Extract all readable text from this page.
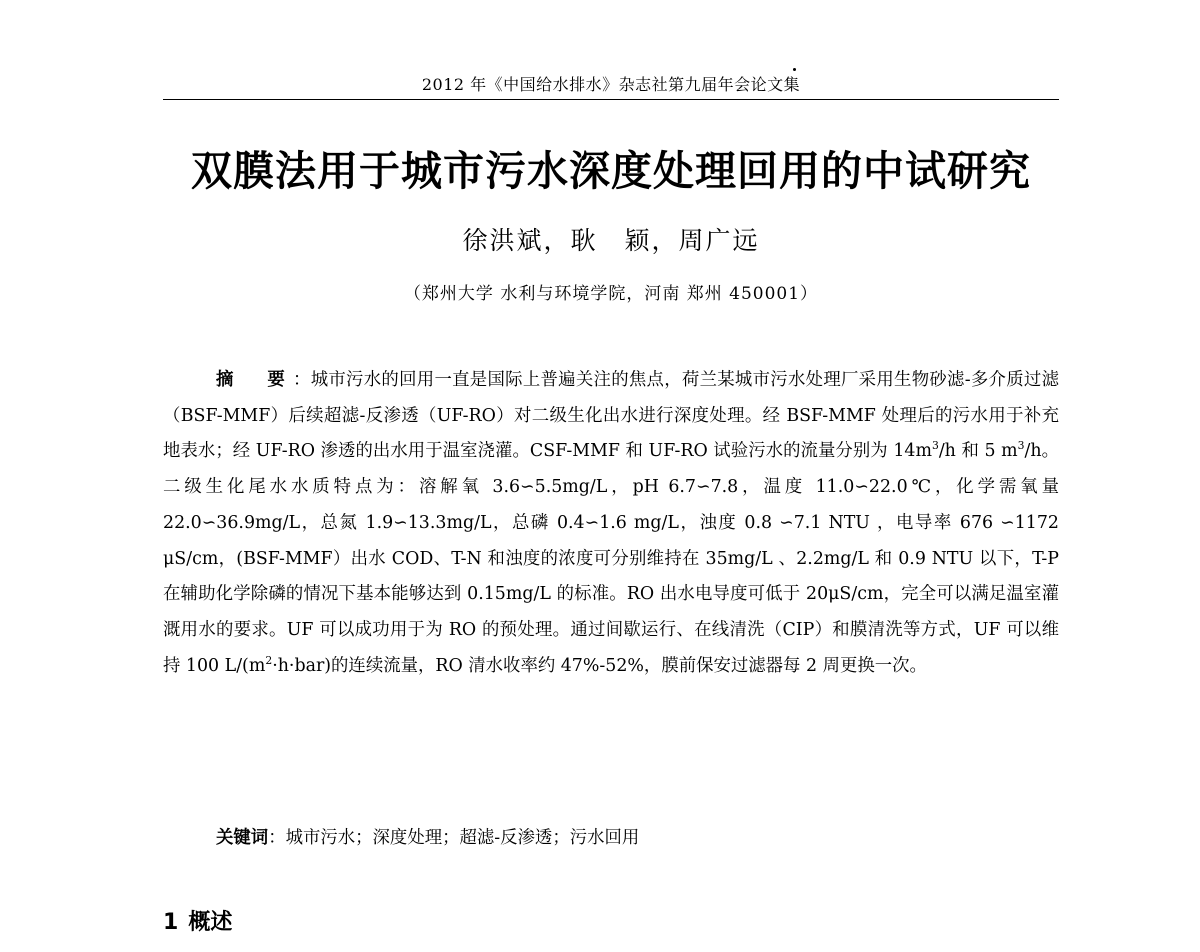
2012 年《中国给水排水》杂志社第九届年会论文集
双膜法用于城市污水深度处理回用的中试研究
徐洪斌，耿　颖，周广远
（郑州大学 水利与环境学院，河南 郑州 450001）

摘　要：城市污水的回用一直是国际上普遍关注的焦点，荷兰某城市污水处理厂采用生物砂滤-多介质过滤（BSF-MMF）后续超滤-反渗透（UF-RO）对二级生化出水进行深度处理。经 BSF-MMF 处理后的污水用于补充地表水；经 UF-RO 渗透的出水用于温室浇灌。CSF-MMF 和 UF-RO 试验污水的流量分别为 $14m^3/h$ 和 5 $m^3/h$。二级生化尾水水质特点为：溶解氧 3.6∽5.5mg/L，pH 6.7∽7.8，温度 11.0∽22.0℃，化学需氧量 22.0∽36.9mg/L，总氮 1.9∽13.3mg/L，总磷 0.4∽1.6 mg/L，浊度 0.8 ∽7.1 NTU ，电导率 676 ∽1172 μS/cm，(BSF-MMF）出水 COD、T-N 和浊度的浓度可分别维持在 35mg/L 、2.2mg/L 和 0.9 NTU 以下，T-P 在辅助化学除磷的情况下基本能够达到 0.15mg/L 的标准。RO 出水电导度可低于 20μS/cm，完全可以满足温室灌溉用水的要求。UF 可以成功用于为 RO 的预处理。通过间歇运行、在线清洗（CIP）和膜清洗等方式，UF 可以维持 100 $L/(m^2\cdot h\cdot bar)$的连续流量，RO 清水收率约 47%-52%，膜前保安过滤器每 2 周更换一次。

关键词：城市污水；深度处理；超滤-反渗透；污水回用
1 概述
